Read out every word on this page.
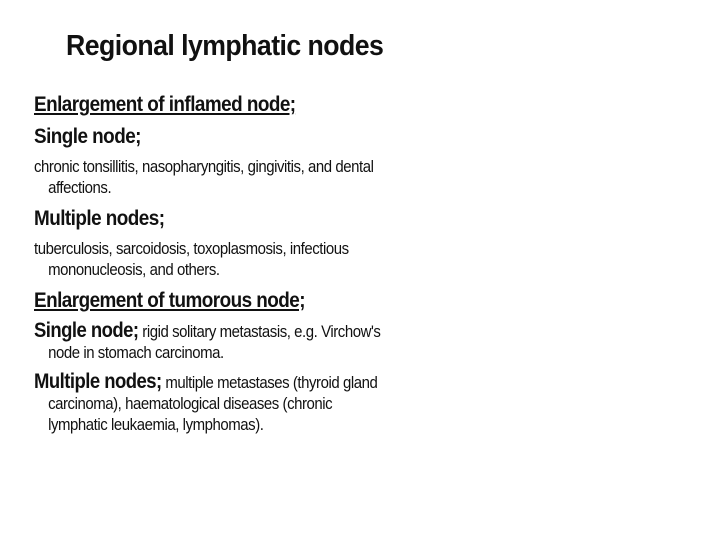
Regional lymphatic nodes
Enlargement of inflamed node;
Single node;
chronic tonsillitis, nasopharyngitis, gingivitis, and dental
affections.
Multiple nodes;
tuberculosis, sarcoidosis, toxoplasmosis, infectious
mononucleosis, and others.
Enlargement of tumorous node;
Single node; rigid solitary metastasis, e.g. Virchow's
node in stomach carcinoma.
Multiple nodes; multiple metastases (thyroid gland
carcinoma), haematological diseases (chronic
lymphatic leukaemia, lymphomas).
